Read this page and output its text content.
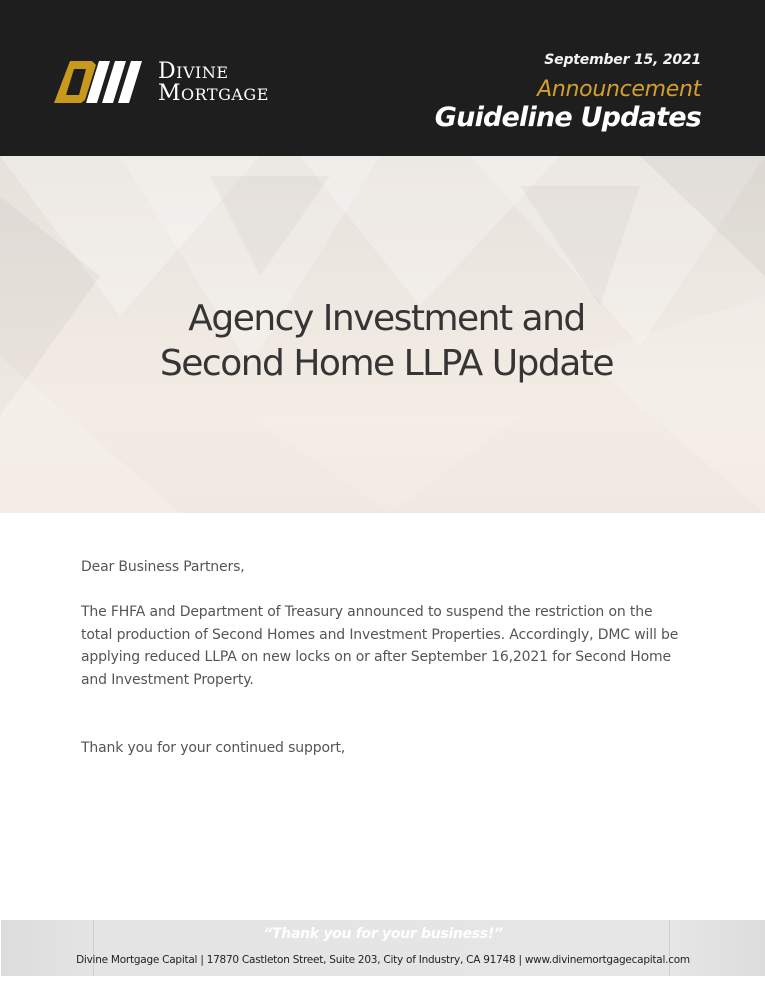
DIVINE
MORTGAGE
September 15, 2021
Announcement
Guideline Updates
Agency Investment and
Second Home LLPA Update

Dear Business Partners,

The FHFA and Department of Treasury announced to suspend the restriction on the total production of Second Homes and Investment Properties. Accordingly, DMC will be applying reduced LLPA on new locks on or after September 16,2021 for Second Home and Investment Property.

Thank you for your continued support,

“Thank you for your business!”
Divine Mortgage Capital | 17870 Castleton Street, Suite 203, City of Industry, CA 91748 | www.divinemortgagecapital.com
